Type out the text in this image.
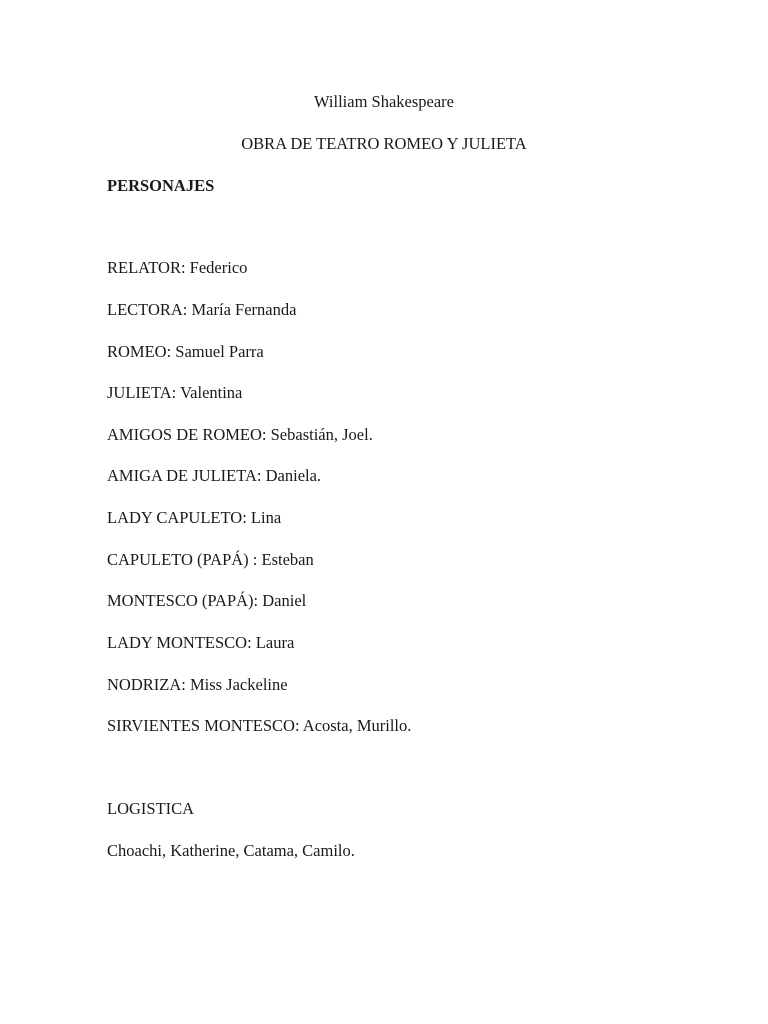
William Shakespeare
OBRA DE TEATRO ROMEO Y JULIETA
PERSONAJES
RELATOR: Federico
LECTORA: María Fernanda
ROMEO: Samuel Parra
JULIETA: Valentina
AMIGOS DE ROMEO: Sebastián, Joel.
AMIGA DE JULIETA: Daniela.
LADY CAPULETO: Lina
CAPULETO (PAPÁ) : Esteban
MONTESCO (PAPÁ): Daniel
LADY MONTESCO: Laura
NODRIZA: Miss Jackeline
SIRVIENTES MONTESCO: Acosta, Murillo.
LOGISTICA
Choachi, Katherine, Catama, Camilo.
